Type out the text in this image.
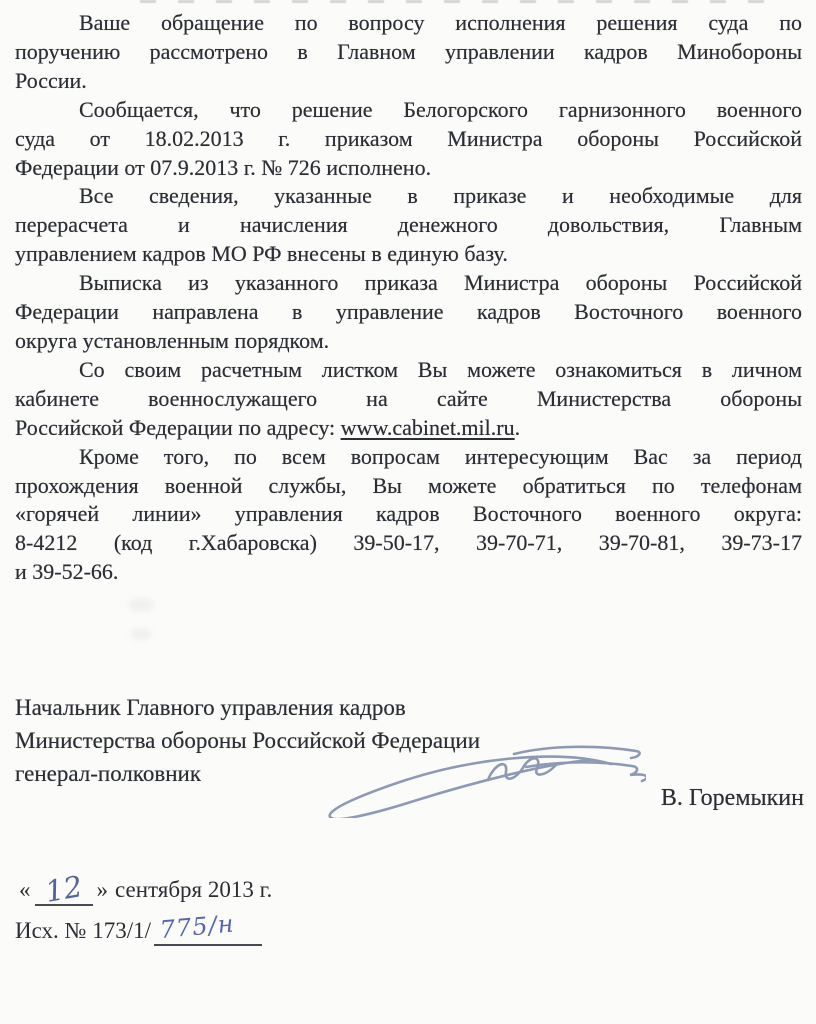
Ваше обращение по вопросу исполнения решения суда по
поручению рассмотрено в Главном управлении кадров Минобороны
России.
Сообщается, что решение Белогорского гарнизонного военного
суда от 18.02.2013 г. приказом Министра обороны Российской
Федерации от 07.9.2013 г. № 726 исполнено.
Все сведения, указанные в приказе и необходимые для
перерасчета и начисления денежного довольствия, Главным
управлением кадров МО РФ внесены в единую базу.
Выписка из указанного приказа Министра обороны Российской
Федерации направлена в управление кадров Восточного военного
округа установленным порядком.
Со своим расчетным листком Вы можете ознакомиться в личном
кабинете военнослужащего на сайте Министерства обороны
Российской Федерации по адресу: www.cabinet.mil.ru.
Кроме того, по всем вопросам интересующим Вас за период
прохождения военной службы, Вы можете обратиться по телефонам
«горячей линии» управления кадров Восточного военного округа:
8-4212 (код г.Хабаровска) 39-50-17, 39-70-71, 39-70-81, 39-73-17
и 39-52-66.
Начальник Главного управления кадров
Министерства обороны Российской Федерации
генерал-полковник
В. Горемыкин
« 12 » сентября 2013 г.
Исх. № 173/1/ 775/н
